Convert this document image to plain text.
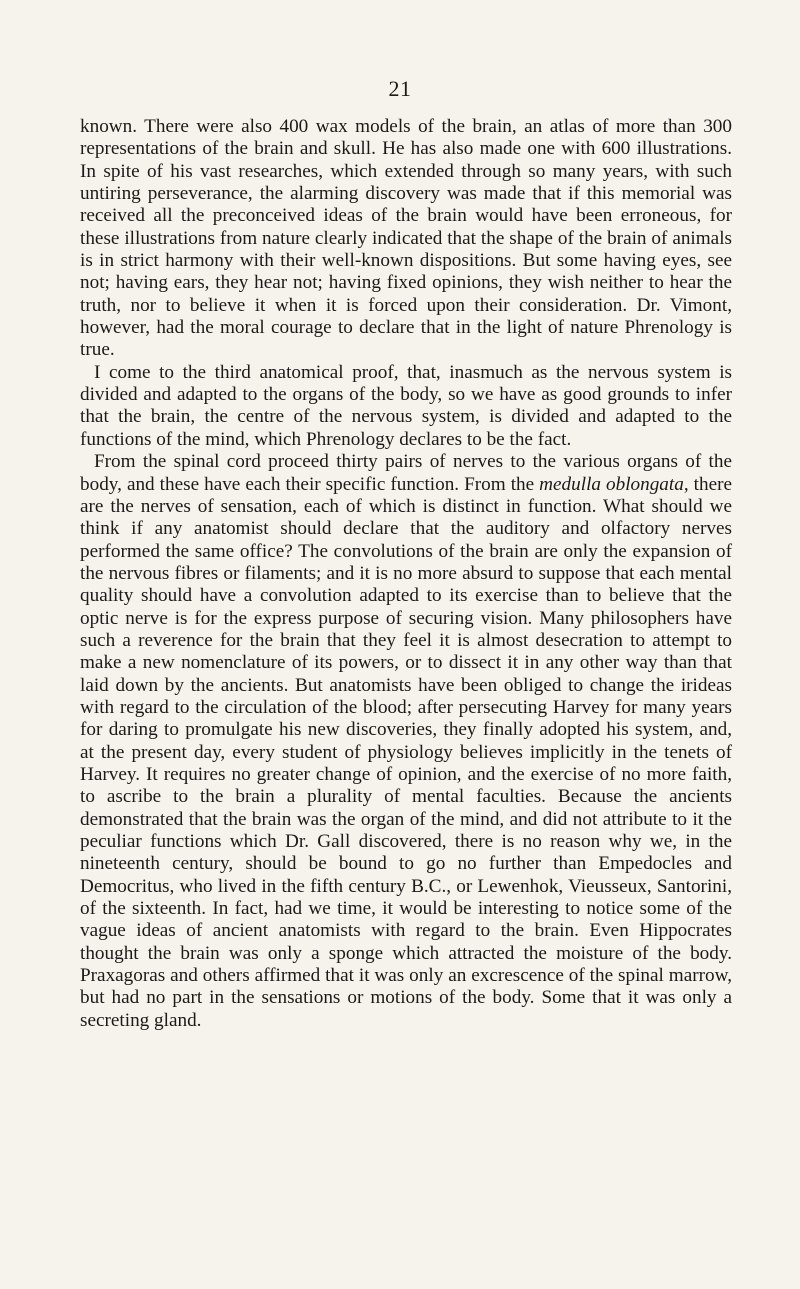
21

known. There were also 400 wax models of the brain, an atlas of more than 300 representations of the brain and skull. He has also made one with 600 illustrations. In spite of his vast researches, which extended through so many years, with such untiring perseverance, the alarming discovery was made that if this memorial was received all the preconceived ideas of the brain would have been erroneous, for these illustrations from nature clearly indicated that the shape of the brain of animals is in strict harmony with their well-known dispositions. But some having eyes, see not; having ears, they hear not; having fixed opinions, they wish neither to hear the truth, nor to believe it when it is forced upon their consideration. Dr. Vimont, however, had the moral courage to declare that in the light of nature Phrenology is true.

I come to the third anatomical proof, that, inasmuch as the nervous system is divided and adapted to the organs of the body, so we have as good grounds to infer that the brain, the centre of the nervous system, is divided and adapted to the functions of the mind, which Phrenology declares to be the fact.

From the spinal cord proceed thirty pairs of nerves to the various organs of the body, and these have each their specific function. From the medulla oblongata, there are the nerves of sensation, each of which is distinct in function. What should we think if any anatomist should declare that the auditory and olfactory nerves performed the same office? The convolutions of the brain are only the expansion of the nervous fibres or filaments; and it is no more absurd to suppose that each mental quality should have a convolution adapted to its exercise than to believe that the optic nerve is for the express purpose of securing vision. Many philosophers have such a reverence for the brain that they feel it is almost desecration to attempt to make a new nomenclature of its powers, or to dissect it in any other way than that laid down by the ancients. But anatomists have been obliged to change the irideas with regard to the circulation of the blood; after persecuting Harvey for many years for daring to promulgate his new discoveries, they finally adopted his system, and, at the present day, every student of physiology believes implicitly in the tenets of Harvey. It requires no greater change of opinion, and the exercise of no more faith, to ascribe to the brain a plurality of mental faculties. Because the ancients demonstrated that the brain was the organ of the mind, and did not attribute to it the peculiar functions which Dr. Gall discovered, there is no reason why we, in the nineteenth century, should be bound to go no further than Empedocles and Democritus, who lived in the fifth century B.C., or Lewenhok, Vieusseux, Santorini, of the sixteenth. In fact, had we time, it would be interesting to notice some of the vague ideas of ancient anatomists with regard to the brain. Even Hippocrates thought the brain was only a sponge which attracted the moisture of the body. Praxagoras and others affirmed that it was only an excrescence of the spinal marrow, but had no part in the sensations or motions of the body. Some that it was only a secreting gland.
